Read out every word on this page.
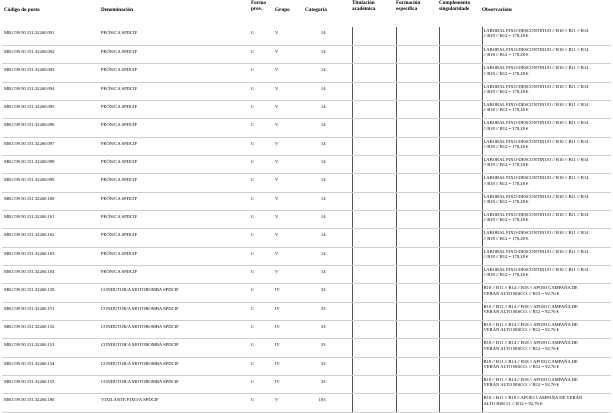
Código do posto	Denominación	Forma prov.	Grupo	Categoría	Titulación académica	Formación específica	Complemento singularidade	Observacións
MR.C99.50.151.32260.091	PEÓN/CA SPDCIF	C	V	14				LABORAL FIXO-DESCONTINUO // B10 // B11 // B14
// B18 // B12 = 178,28 €

MR.C99.50.151.32260.092	PEÓN/CA SPDCIF	C	V	14				LABORAL FIXO-DESCONTINUO // B10 // B11 // B14
// B18 // B12 = 178,28 €

MR.C99.50.151.32260.093	PEÓN/CA SPDCIF	C	V	14				LABORAL FIXO-DESCONTINUO // B10 // B11 // B14
// B18 // B12 = 178,28 €

MR.C99.50.151.32260.094	PEÓN/CA SPDCIF	C	V	14				LABORAL FIXO-DESCONTINUO // B10 // B11 // B14
// B18 // B12 = 178,28 €

MR.C99.50.151.32260.095	PEÓN/CA SPDCIF	C	V	14				LABORAL FIXO-DESCONTINUO // B10 // B11 // B14
// B18 // B12 = 178,28 €

MR.C99.50.151.32260.096	PEÓN/CA SPDCIF	C	V	14				LABORAL FIXO-DESCONTINUO // B10 // B11 // B14
// B18 // B12 = 178,28 €

MR.C99.50.151.32260.097	PEÓN/CA SPDCIF	C	V	14				LABORAL FIXO-DESCONTINUO // B10 // B11 // B14
// B18 // B12 = 178,28 €

MR.C99.50.151.32260.098	PEÓN/CA SPDCIF	C	V	14				LABORAL FIXO-DESCONTINUO // B10 // B11 // B14
// B18 // B12 = 178,28 €

MR.C99.50.151.32260.099	PEÓN/CA SPDCIF	C	V	14				LABORAL FIXO-DESCONTINUO // B10 // B11 // B14
// B18 // B12 = 178,28 €

MR.C99.50.151.32260.100	PEÓN/CA SPDCIF	C	V	14				LABORAL FIXO-DESCONTINUO // B10 // B11 // B14
// B18 // B12 = 178,28 €

MR.C99.50.151.32260.101	PEÓN/CA SPDCIF	C	V	14				LABORAL FIXO-DESCONTINUO // B10 // B11 // B14
// B18 // B12 = 178,28 €

MR.C99.50.151.32260.102	PEÓN/CA SPDCIF	C	V	14				LABORAL FIXO-DESCONTINUO // B10 // B11 // B14
// B18 // B12 = 178,28 €

MR.C99.50.151.32260.103	PEÓN/CA SPDCIF	C	V	14				LABORAL FIXO-DESCONTINUO // B10 // B11 // B14
// B18 // B12 = 178,28 €

MR.C99.50.151.32260.104	PEÓN/CA SPDCIF	C	V	14				LABORAL FIXO-DESCONTINUO // B10 // B11 // B14
// B18 // B12 = 178,28 €

MR.C99.50.151.32260.150	CONDUTOR/A MOTOBOMBA SPDCIF	C	IV	33				B10 // B11 // B14 // B18 // APOIO CAMPAÑA DE
VERÁN ALTO RISCO. // B12 = 92,76 €

MR.C99.50.151.32260.151	CONDUTOR/A MOTOBOMBA SPDCIF	C	IV	33				B10 // B11 // B14 // B18 // APOIO CAMPAÑA DE
VERÁN ALTO RISCO. // B12 = 92,76 €

MR.C99.50.151.32260.152	CONDUTOR/A MOTOBOMBA SPDCIF	C	IV	33				B10 // B11 // B14 // B18 // APOIO CAMPAÑA DE
VERÁN ALTO RISCO. // B12 = 92,76 €

MR.C99.50.151.32260.153	CONDUTOR/A MOTOBOMBA SPDCIF	C	IV	33				B10 // B11 // B14 // B18 // APOIO CAMPAÑA DE
VERÁN ALTO RISCO. // B12 = 92,76 €

MR.C99.50.151.32260.154	CONDUTOR/A MOTOBOMBA SPDCIF	C	IV	33				B10 // B11 // B14 // B18 // APOIO CAMPAÑA DE
VERÁN ALTO RISCO. // B12 = 92,76 €

MR.C99.50.151.32260.155	CONDUTOR/A MOTOBOMBA SPDCIF	C	IV	33				B10 // B11 // B14 // B18 // APOIO CAMPAÑA DE
VERÁN ALTO RISCO. // B12 = 92,76 €

MR.C99.50.151.32260.180	VIXILANTE FIXO/A SPDCIF	C	V	103				B10 // B11 // B18 // APOIO CAMPAÑA DE VERÁN
ALTO RISCO. // B12 = 92,76 €
